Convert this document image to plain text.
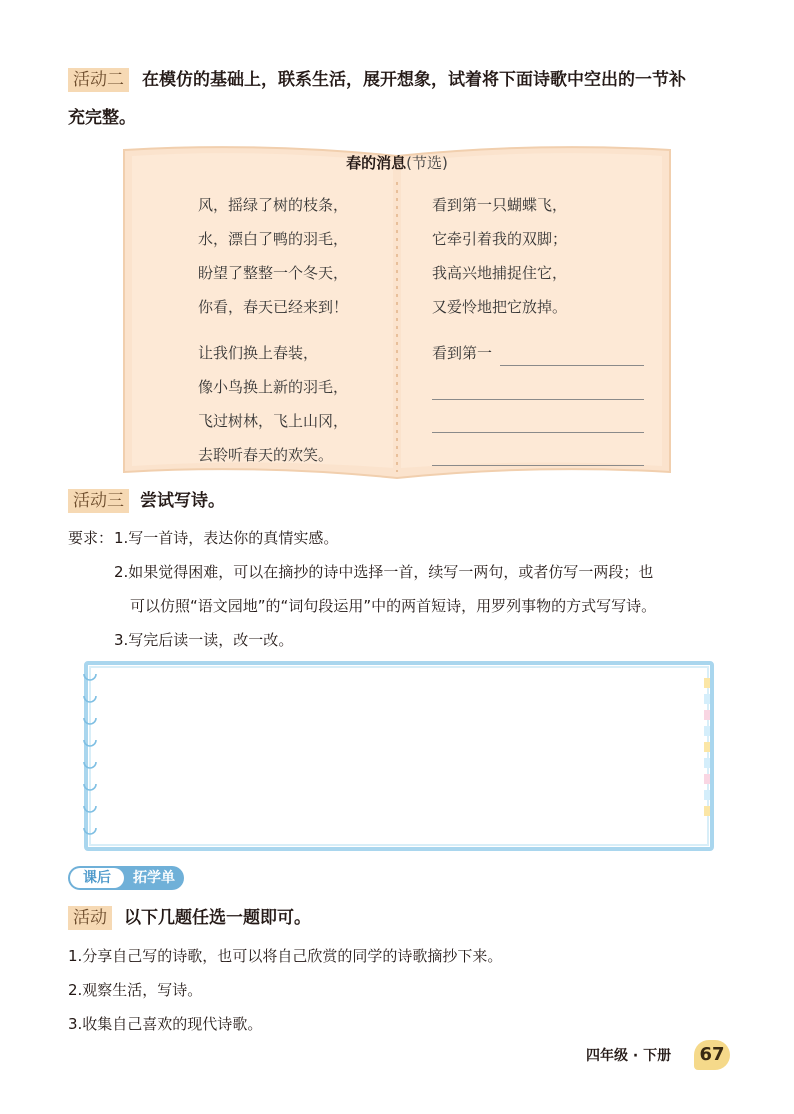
活动二 在模仿的基础上，联系生活，展开想象，试着将下面诗歌中空出的一节补
充完整。
春的消息(节选)
风，摇绿了树的枝条，
水，漂白了鸭的羽毛，
盼望了整整一个冬天，
你看，春天已经来到！
让我们换上春装，
像小鸟换上新的羽毛，
飞过树林，飞上山冈，
去聆听春天的欢笑。
看到第一只蝴蝶飞，
它牵引着我的双脚；
我高兴地捕捉住它，
又爱怜地把它放掉。
看到第一
活动三 尝试写诗。
要求： 1.写一首诗，表达你的真情实感。
2.如果觉得困难，可以在摘抄的诗中选择一首，续写一两句，或者仿写一两段；也
可以仿照“语文园地”的“词句段运用”中的两首短诗，用罗列事物的方式写写诗。
3.写完后读一读，改一改。
课后	拓学单
活动 以下几题任选一题即可。
1.分享自己写的诗歌，也可以将自己欣赏的同学的诗歌摘抄下来。
2.观察生活，写诗。
3.收集自己喜欢的现代诗歌。
四年级 · 下册	67
